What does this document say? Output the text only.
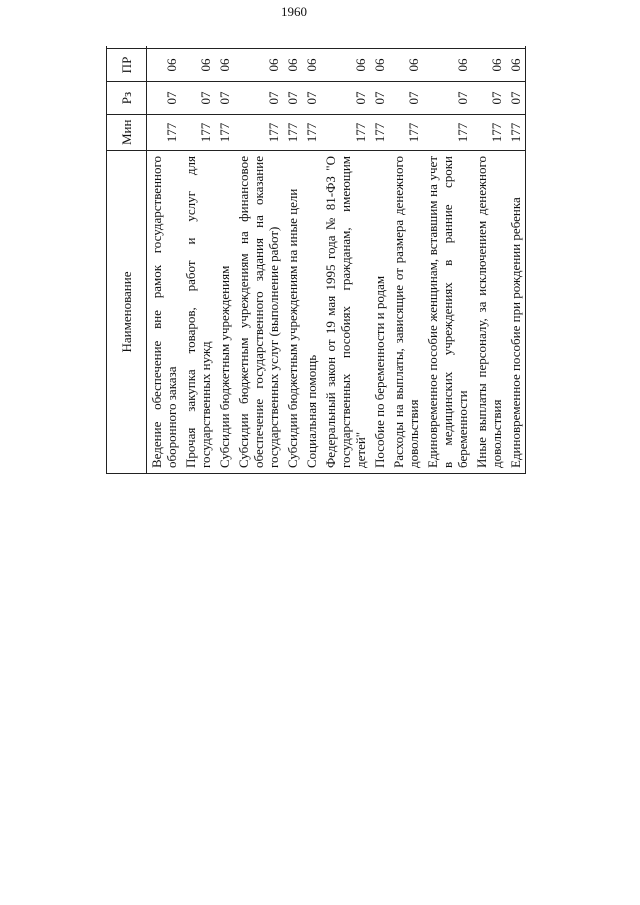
1960
Наименование	Мин	Рз	ПР			

Ведение обеспечение вне рамок государственного оборонного заказа	177	07	06				
Прочая закупка товаров, работ и услуг для государственных нужд	177	07	06				
Субсидии бюджетным учреждениям	177	07	06				
Субсидии бюджетным учреждениям на финансовое обеспечение государственного задания на оказание государственных услуг (выполнение работ)	177	07	06				
Субсидии бюджетным учреждениям на иные цели	177	07	06				
Социальная помощь	177	07	06				
Федеральный закон от 19 мая 1995 года № 81-ФЗ "О государственных пособиях гражданам, имеющим детей"	177	07	06				
Пособие по беременности и родам	177	07	06				
Расходы на выплаты, зависящие от размера денежного довольствия	177	07	06				
Единовременное пособие женщинам, вставшим на учет в медицинских учреждениях в ранние сроки беременности	177	07	06				
Иные выплаты персоналу, за исключением денежного довольствия	177	07	06				
Единовременное пособие при рождении ребенка	177	07	06				
